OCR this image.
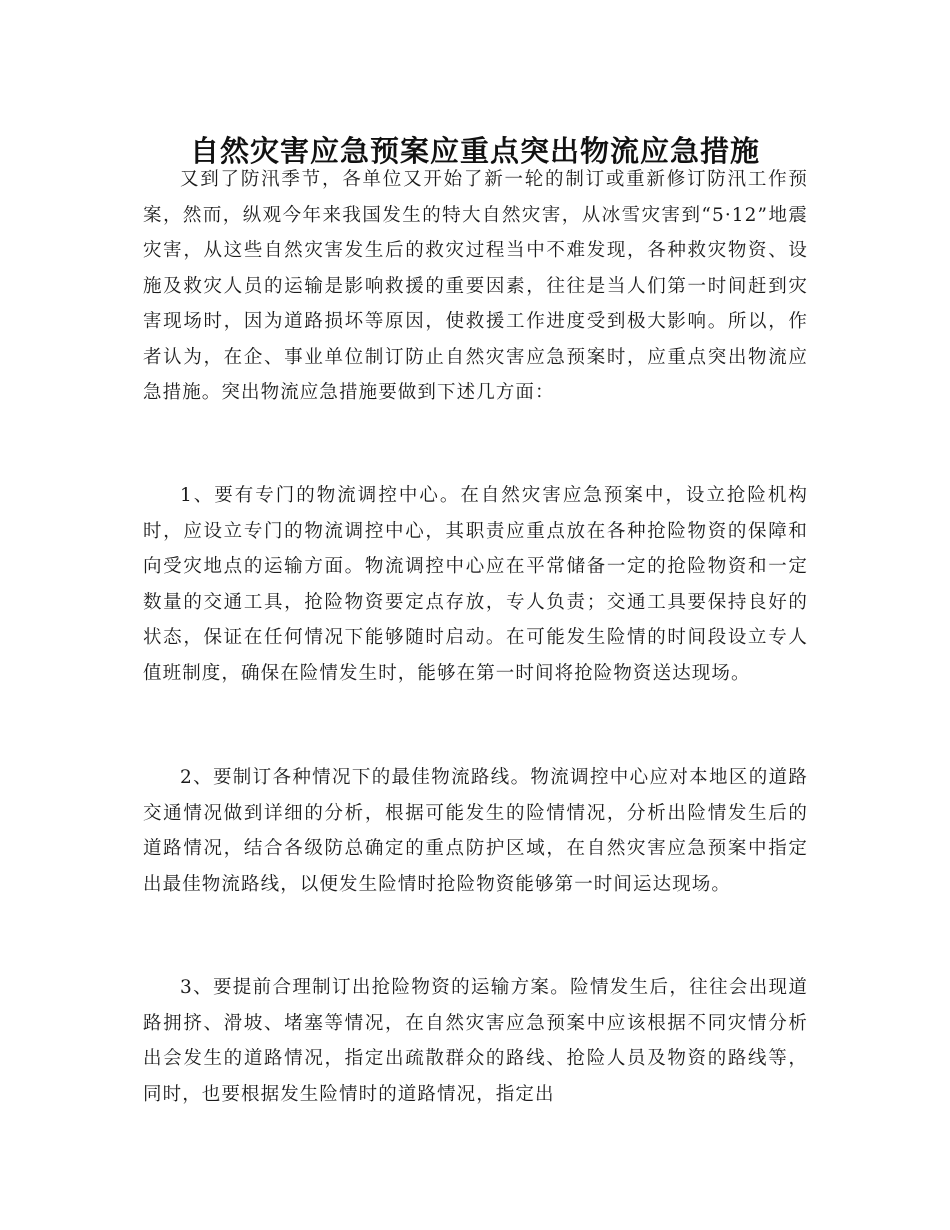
自然灾害应急预案应重点突出物流应急措施

又到了防汛季节，各单位又开始了新一轮的制订或重新修订防汛工作预案，然而，纵观今年来我国发生的特大自然灾害，从冰雪灾害到“5·12”地震灾害，从这些自然灾害发生后的救灾过程当中不难发现，各种救灾物资、设施及救灾人员的运输是影响救援的重要因素，往往是当人们第一时间赶到灾害现场时，因为道路损坏等原因，使救援工作进度受到极大影响。所以，作者认为，在企、事业单位制订防止自然灾害应急预案时，应重点突出物流应急措施。突出物流应急措施要做到下述几方面：

1、要有专门的物流调控中心。在自然灾害应急预案中，设立抢险机构时，应设立专门的物流调控中心，其职责应重点放在各种抢险物资的保障和向受灾地点的运输方面。物流调控中心应在平常储备一定的抢险物资和一定数量的交通工具，抢险物资要定点存放，专人负责；交通工具要保持良好的状态，保证在任何情况下能够随时启动。在可能发生险情的时间段设立专人值班制度，确保在险情发生时，能够在第一时间将抢险物资送达现场。

2、要制订各种情况下的最佳物流路线。物流调控中心应对本地区的道路交通情况做到详细的分析，根据可能发生的险情情况，分析出险情发生后的道路情况，结合各级防总确定的重点防护区域，在自然灾害应急预案中指定出最佳物流路线，以便发生险情时抢险物资能够第一时间运达现场。

3、要提前合理制订出抢险物资的运输方案。险情发生后，往往会出现道路拥挤、滑坡、堵塞等情况，在自然灾害应急预案中应该根据不同灾情分析出会发生的道路情况，指定出疏散群众的路线、抢险人员及物资的路线等，同时，也要根据发生险情时的道路情况，指定出
